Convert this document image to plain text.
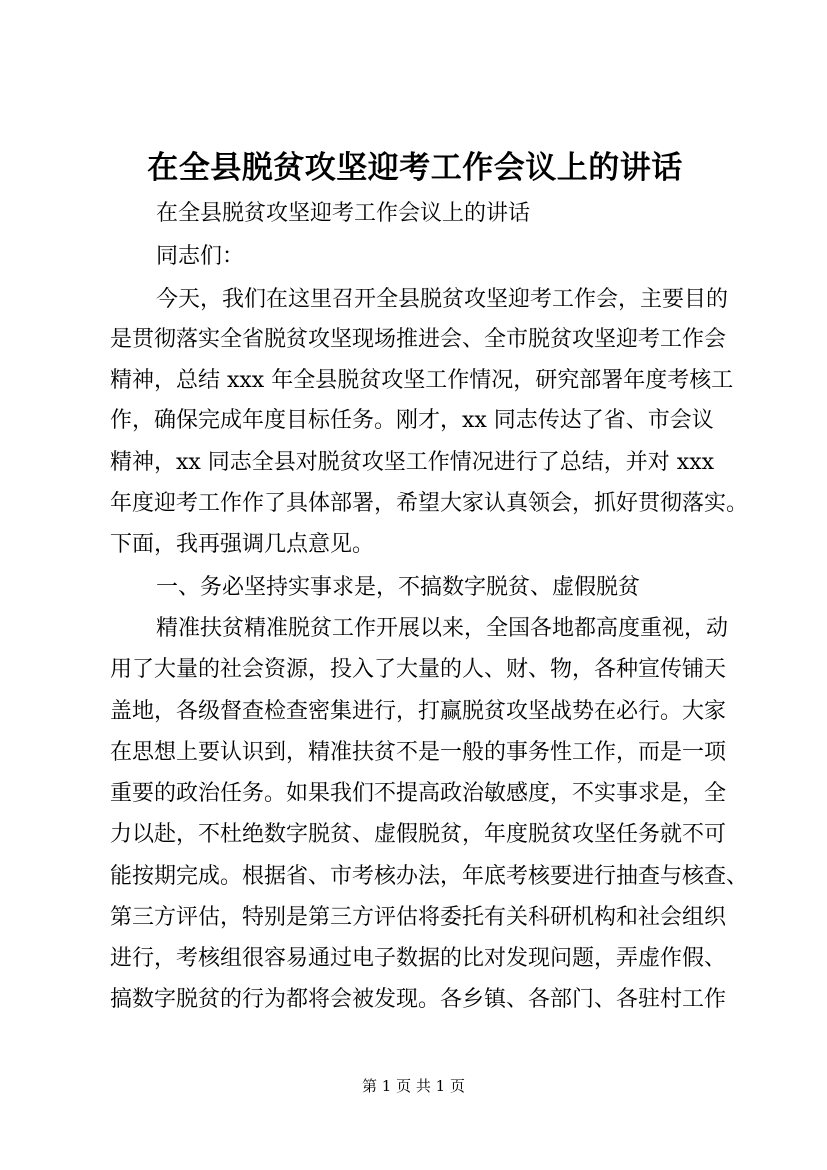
在全县脱贫攻坚迎考工作会议上的讲话
在全县脱贫攻坚迎考工作会议上的讲话
同志们：
今天，我们在这里召开全县脱贫攻坚迎考工作会，主要目的
是贯彻落实全省脱贫攻坚现场推进会、全市脱贫攻坚迎考工作会
精神，总结 xxx 年全县脱贫攻坚工作情况，研究部署年度考核工
作，确保完成年度目标任务。刚才，xx 同志传达了省、市会议
精神，xx 同志全县对脱贫攻坚工作情况进行了总结，并对 xxx
年度迎考工作作了具体部署，希望大家认真领会，抓好贯彻落实。
下面，我再强调几点意见。
一、务必坚持实事求是，不搞数字脱贫、虚假脱贫
精准扶贫精准脱贫工作开展以来，全国各地都高度重视，动
用了大量的社会资源，投入了大量的人、财、物，各种宣传铺天
盖地，各级督查检查密集进行，打赢脱贫攻坚战势在必行。大家
在思想上要认识到，精准扶贫不是一般的事务性工作，而是一项
重要的政治任务。如果我们不提高政治敏感度，不实事求是，全
力以赴，不杜绝数字脱贫、虚假脱贫，年度脱贫攻坚任务就不可
能按期完成。根据省、市考核办法，年底考核要进行抽查与核查、
第三方评估，特别是第三方评估将委托有关科研机构和社会组织
进行，考核组很容易通过电子数据的比对发现问题，弄虚作假、
搞数字脱贫的行为都将会被发现。各乡镇、各部门、各驻村工作
第 1 页 共 1 页
